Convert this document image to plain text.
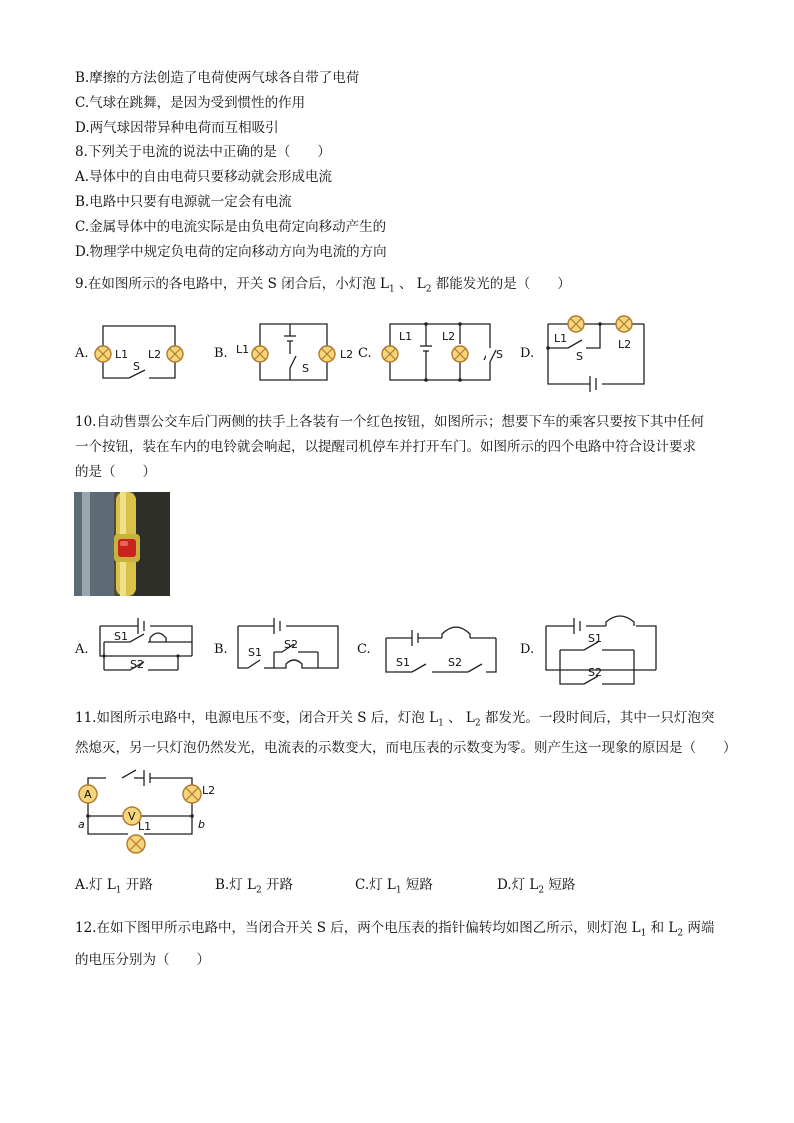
B.摩擦的方法创造了电荷使两气球各自带了电荷
C.气球在跳舞，是因为受到惯性的作用
D.两气球因带异种电荷而互相吸引
8.下列关于电流的说法中正确的是（　　）
A.导体中的自由电荷只要移动就会形成电流
B.电路中只要有电源就一定会有电流
C.金属导体中的电流实际是由负电荷定向移动产生的
D.物理学中规定负电荷的定向移动方向为电流的方向
9.在如图所示的各电路中，开关 S 闭合后，小灯泡 $L_1$ 、 $L_2$ 都能发光的是（　　）
A. L1 L2
S
B. L1	L2
S
C.
L1	L2
S D.
L1	L2
S
10.自动售票公交车后门两侧的扶手上各装有一个红色按钮，如图所示；想要下车的乘客只要按下其中任何
一个按钮，装在车内的电铃就会响起，以提醒司机停车并打开车门。如图所示的四个电路中符合设计要求
的是（　　）
A.
S1
S2
B. S1
S2	C.
S1	S2
D.
S1
S2
11.如图所示电路中，电源电压不变，闭合开关 S 后，灯泡 $L_1$ 、 $L_2$ 都发光。一段时间后，其中一只灯泡突
然熄灭，另一只灯泡仍然发光，电流表的示数变大，而电压表的示数变为零。则产生这一现象的原因是（　　）
A
V
a	b
L2
L1
A.灯 $L_1$ 开路	B.灯 $L_2$ 开路	C.灯 $L_1$ 短路	D.灯 $L_2$ 短路
12.在如下图甲所示电路中，当闭合开关 S 后，两个电压表的指针偏转均如图乙所示，则灯泡 $L_1$ 和 $L_2$ 两端
的电压分别为（　　）
